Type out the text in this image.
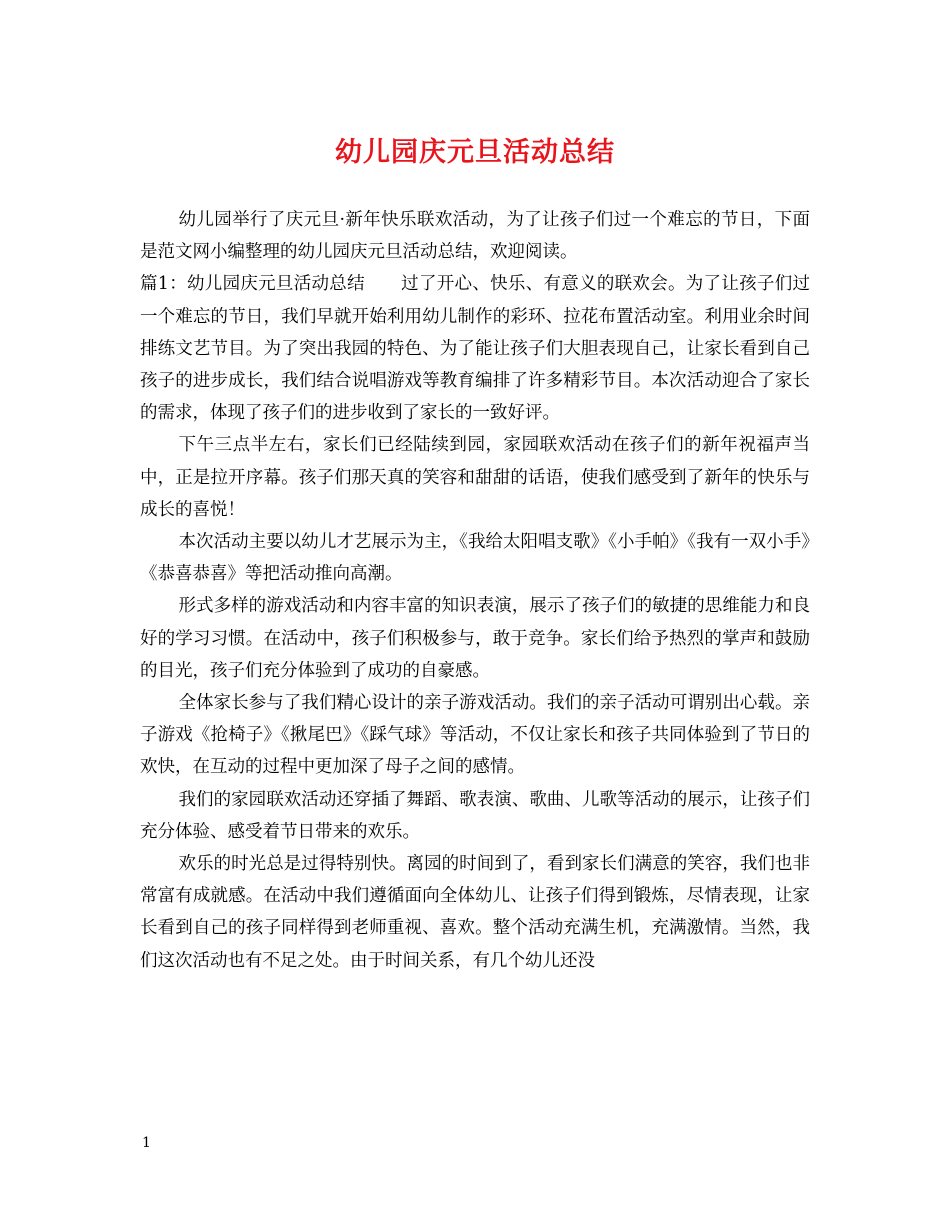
幼儿园庆元旦活动总结

幼儿园举行了庆元旦·新年快乐联欢活动，为了让孩子们过一个难忘的节日，下面是范文网小编整理的幼儿园庆元旦活动总结，欢迎阅读。

篇1：幼儿园庆元旦活动总结 过了开心、快乐、有意义的联欢会。为了让孩子们过一个难忘的节日，我们早就开始利用幼儿制作的彩环、拉花布置活动室。利用业余时间排练文艺节目。为了突出我园的特色、为了能让孩子们大胆表现自己，让家长看到自己孩子的进步成长，我们结合说唱游戏等教育编排了许多精彩节目。本次活动迎合了家长的需求，体现了孩子们的进步收到了家长的一致好评。

下午三点半左右，家长们已经陆续到园，家园联欢活动在孩子们的新年祝福声当中，正是拉开序幕。孩子们那天真的笑容和甜甜的话语，使我们感受到了新年的快乐与成长的喜悦！

本次活动主要以幼儿才艺展示为主，《我给太阳唱支歌》《小手帕》《我有一双小手》《恭喜恭喜》等把活动推向高潮。

形式多样的游戏活动和内容丰富的知识表演，展示了孩子们的敏捷的思维能力和良好的学习习惯。在活动中，孩子们积极参与，敢于竞争。家长们给予热烈的掌声和鼓励的目光，孩子们充分体验到了成功的自豪感。

全体家长参与了我们精心设计的亲子游戏活动。我们的亲子活动可谓别出心载。亲子游戏《抢椅子》《揪尾巴》《踩气球》等活动，不仅让家长和孩子共同体验到了节日的欢快，在互动的过程中更加深了母子之间的感情。

我们的家园联欢活动还穿插了舞蹈、歌表演、歌曲、儿歌等活动的展示，让孩子们充分体验、感受着节日带来的欢乐。

欢乐的时光总是过得特别快。离园的时间到了，看到家长们满意的笑容，我们也非常富有成就感。在活动中我们遵循面向全体幼儿、让孩子们得到锻炼，尽情表现，让家长看到自己的孩子同样得到老师重视、喜欢。整个活动充满生机，充满激情。当然，我们这次活动也有不足之处。由于时间关系，有几个幼儿还没

1
